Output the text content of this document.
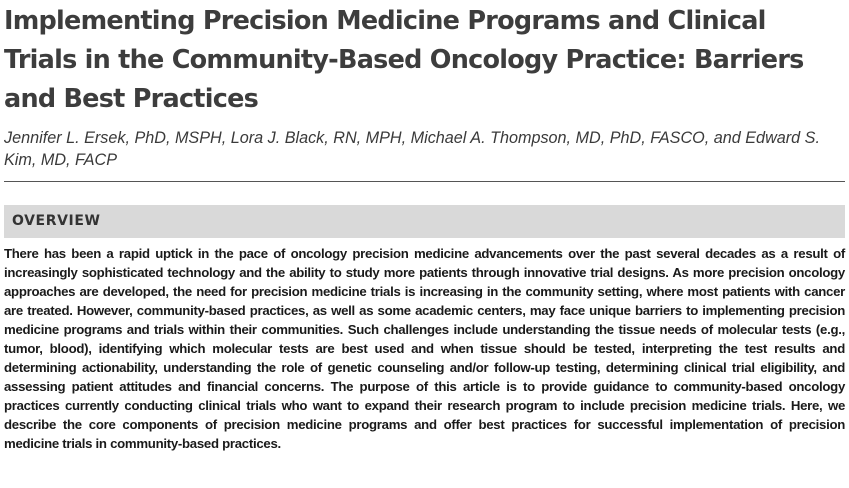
Implementing Precision Medicine Programs and Clinical Trials in the Community-Based Oncology Practice: Barriers and Best Practices

Jennifer L. Ersek, PhD, MSPH, Lora J. Black, RN, MPH, Michael A. Thompson, MD, PhD, FASCO, and Edward S. Kim, MD, FACP

OVERVIEW

There has been a rapid uptick in the pace of oncology precision medicine advancements over the past several decades as a result of increasingly sophisticated technology and the ability to study more patients through innovative trial designs. As more precision oncology approaches are developed, the need for precision medicine trials is increasing in the community setting, where most patients with cancer are treated. However, community-based practices, as well as some academic centers, may face unique barriers to implementing precision medicine programs and trials within their communities. Such challenges include understanding the tissue needs of molecular tests (e.g., tumor, blood), identifying which molecular tests are best used and when tissue should be tested, interpreting the test results and determining actionability, understanding the role of genetic counseling and/or follow-up testing, determining clinical trial eligibility, and assessing patient attitudes and financial concerns. The purpose of this article is to provide guidance to community-based oncology practices currently conducting clinical trials who want to expand their research program to include precision medicine trials. Here, we describe the core components of precision medicine programs and offer best practices for successful implementation of precision medicine trials in community-based practices.
